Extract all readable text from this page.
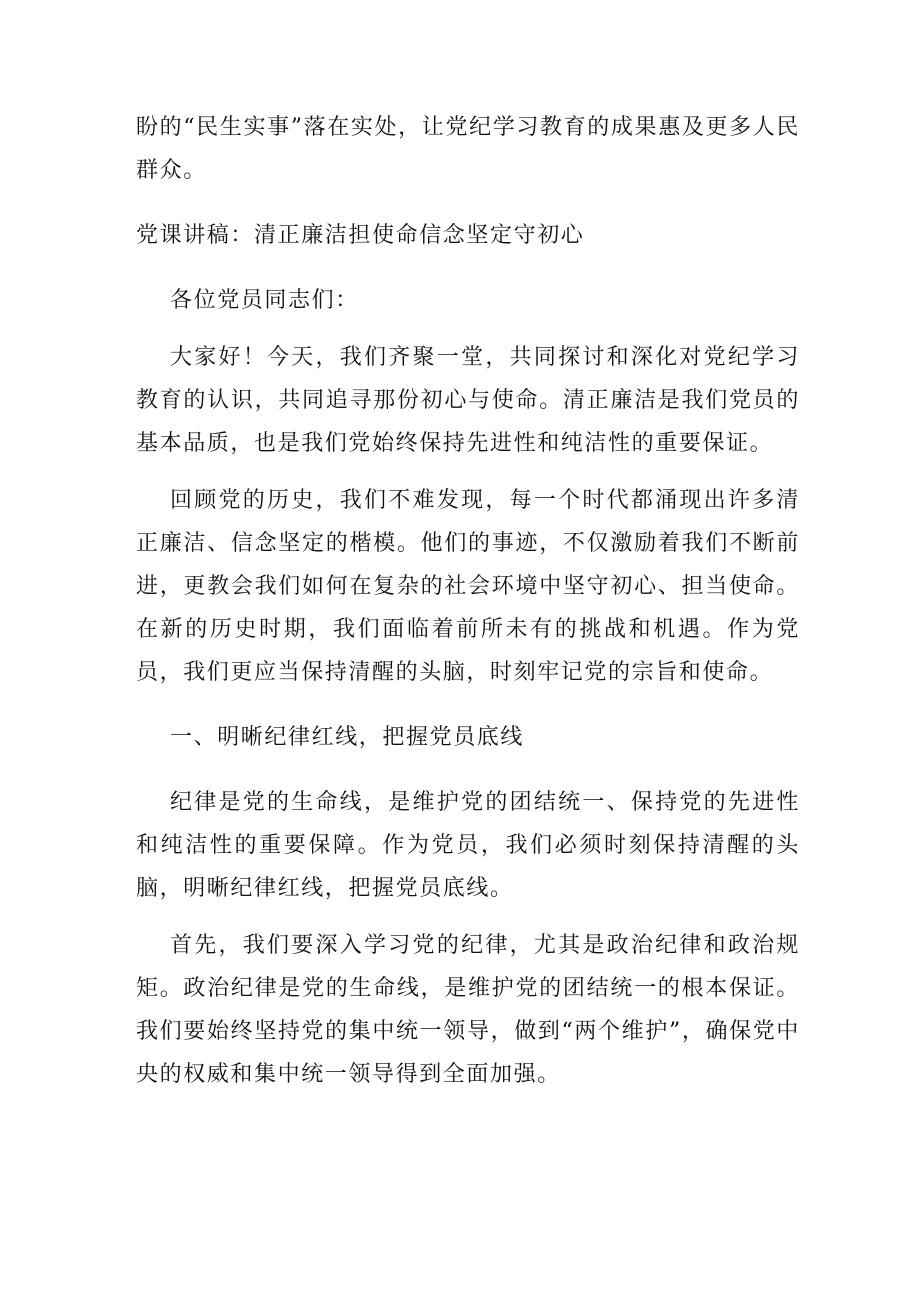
盼的“民生实事”落在实处，让党纪学习教育的成果惠及更多人民群众。

党课讲稿：清正廉洁担使命信念坚定守初心

各位党员同志们：

大家好！今天，我们齐聚一堂，共同探讨和深化对党纪学习教育的认识，共同追寻那份初心与使命。清正廉洁是我们党员的基本品质，也是我们党始终保持先进性和纯洁性的重要保证。

回顾党的历史，我们不难发现，每一个时代都涌现出许多清正廉洁、信念坚定的楷模。他们的事迹，不仅激励着我们不断前进，更教会我们如何在复杂的社会环境中坚守初心、担当使命。在新的历史时期，我们面临着前所未有的挑战和机遇。作为党员，我们更应当保持清醒的头脑，时刻牢记党的宗旨和使命。

一、明晰纪律红线，把握党员底线

纪律是党的生命线，是维护党的团结统一、保持党的先进性和纯洁性的重要保障。作为党员，我们必须时刻保持清醒的头脑，明晰纪律红线，把握党员底线。

首先，我们要深入学习党的纪律，尤其是政治纪律和政治规矩。政治纪律是党的生命线，是维护党的团结统一的根本保证。我们要始终坚持党的集中统一领导，做到“两个维护”，确保党中央的权威和集中统一领导得到全面加强。
